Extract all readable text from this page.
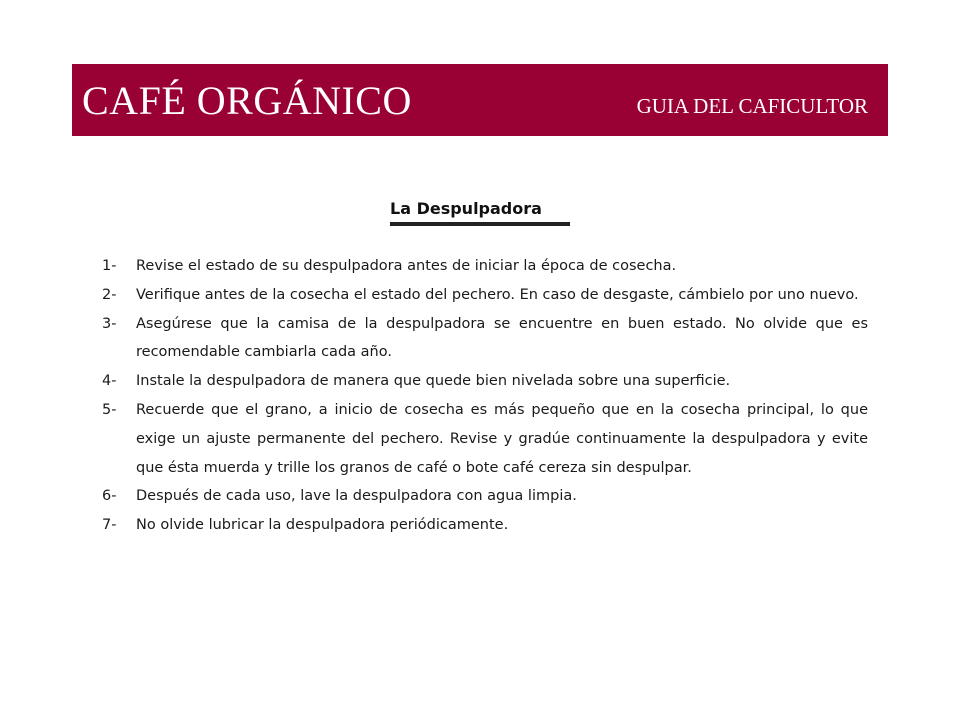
CAFÉ ORGÁNICO	GUIA DEL CAFICULTOR
La Despulpadora
1-	Revise el estado de su despulpadora antes de iniciar la época de cosecha.
2-	Verifique antes de la cosecha el estado del pechero. En caso de desgaste, cámbielo por uno nuevo.
3-	Asegúrese que la camisa de la despulpadora se encuentre en buen estado. No olvide que es recomendable cambiarla cada año.
4-	Instale la despulpadora de manera que quede bien nivelada sobre una superficie.
5-	Recuerde que el grano, a inicio de cosecha es más pequeño que en la cosecha principal, lo que exige un ajuste permanente del pechero. Revise y gradúe continuamente la despulpadora y evite que ésta muerda y trille los granos de café o bote café cereza sin despulpar.
6-	Después de cada uso, lave la despulpadora con agua limpia.
7-	No olvide lubricar la despulpadora periódicamente.
